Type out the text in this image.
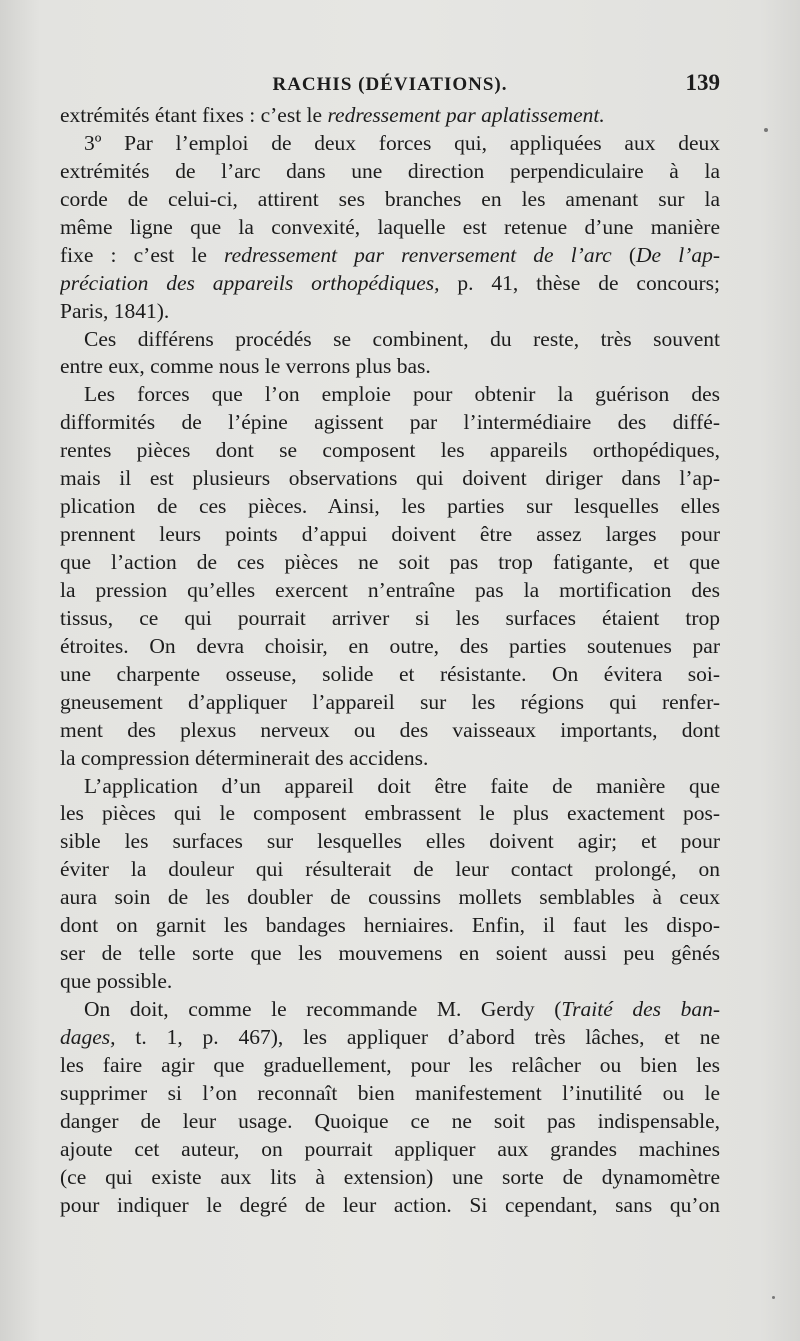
RACHIS (DÉVIATIONS).	139
extrémités étant fixes : c’est le redressement par aplatissement.
3º Par l’emploi de deux forces qui, appliquées aux deux
extrémités de l’arc dans une direction perpendiculaire à la
corde de celui-ci, attirent ses branches en les amenant sur la
même ligne que la convexité, laquelle est retenue d’une manière
fixe : c’est le redressement par renversement de l’arc (De l’ap-
préciation des appareils orthopédiques, p. 41, thèse de concours;
Paris, 1841).
Ces différens procédés se combinent, du reste, très souvent
entre eux, comme nous le verrons plus bas.
Les forces que l’on emploie pour obtenir la guérison des
difformités de l’épine agissent par l’intermédiaire des diffé-
rentes pièces dont se composent les appareils orthopédiques,
mais il est plusieurs observations qui doivent diriger dans l’ap-
plication de ces pièces. Ainsi, les parties sur lesquelles elles
prennent leurs points d’appui doivent être assez larges pour
que l’action de ces pièces ne soit pas trop fatigante, et que
la pression qu’elles exercent n’entraîne pas la mortification des
tissus, ce qui pourrait arriver si les surfaces étaient trop
étroites. On devra choisir, en outre, des parties soutenues par
une charpente osseuse, solide et résistante. On évitera soi-
gneusement d’appliquer l’appareil sur les régions qui renfer-
ment des plexus nerveux ou des vaisseaux importants, dont
la compression déterminerait des accidens.
L’application d’un appareil doit être faite de manière que
les pièces qui le composent embrassent le plus exactement pos-
sible les surfaces sur lesquelles elles doivent agir; et pour
éviter la douleur qui résulterait de leur contact prolongé, on
aura soin de les doubler de coussins mollets semblables à ceux
dont on garnit les bandages herniaires. Enfin, il faut les dispo-
ser de telle sorte que les mouvemens en soient aussi peu gênés
que possible.
On doit, comme le recommande M. Gerdy (Traité des ban-
dages, t. 1, p. 467), les appliquer d’abord très lâches, et ne
les faire agir que graduellement, pour les relâcher ou bien les
supprimer si l’on reconnaît bien manifestement l’inutilité ou le
danger de leur usage. Quoique ce ne soit pas indispensable,
ajoute cet auteur, on pourrait appliquer aux grandes machines
(ce qui existe aux lits à extension) une sorte de dynamomètre
pour indiquer le degré de leur action. Si cependant, sans qu’on
